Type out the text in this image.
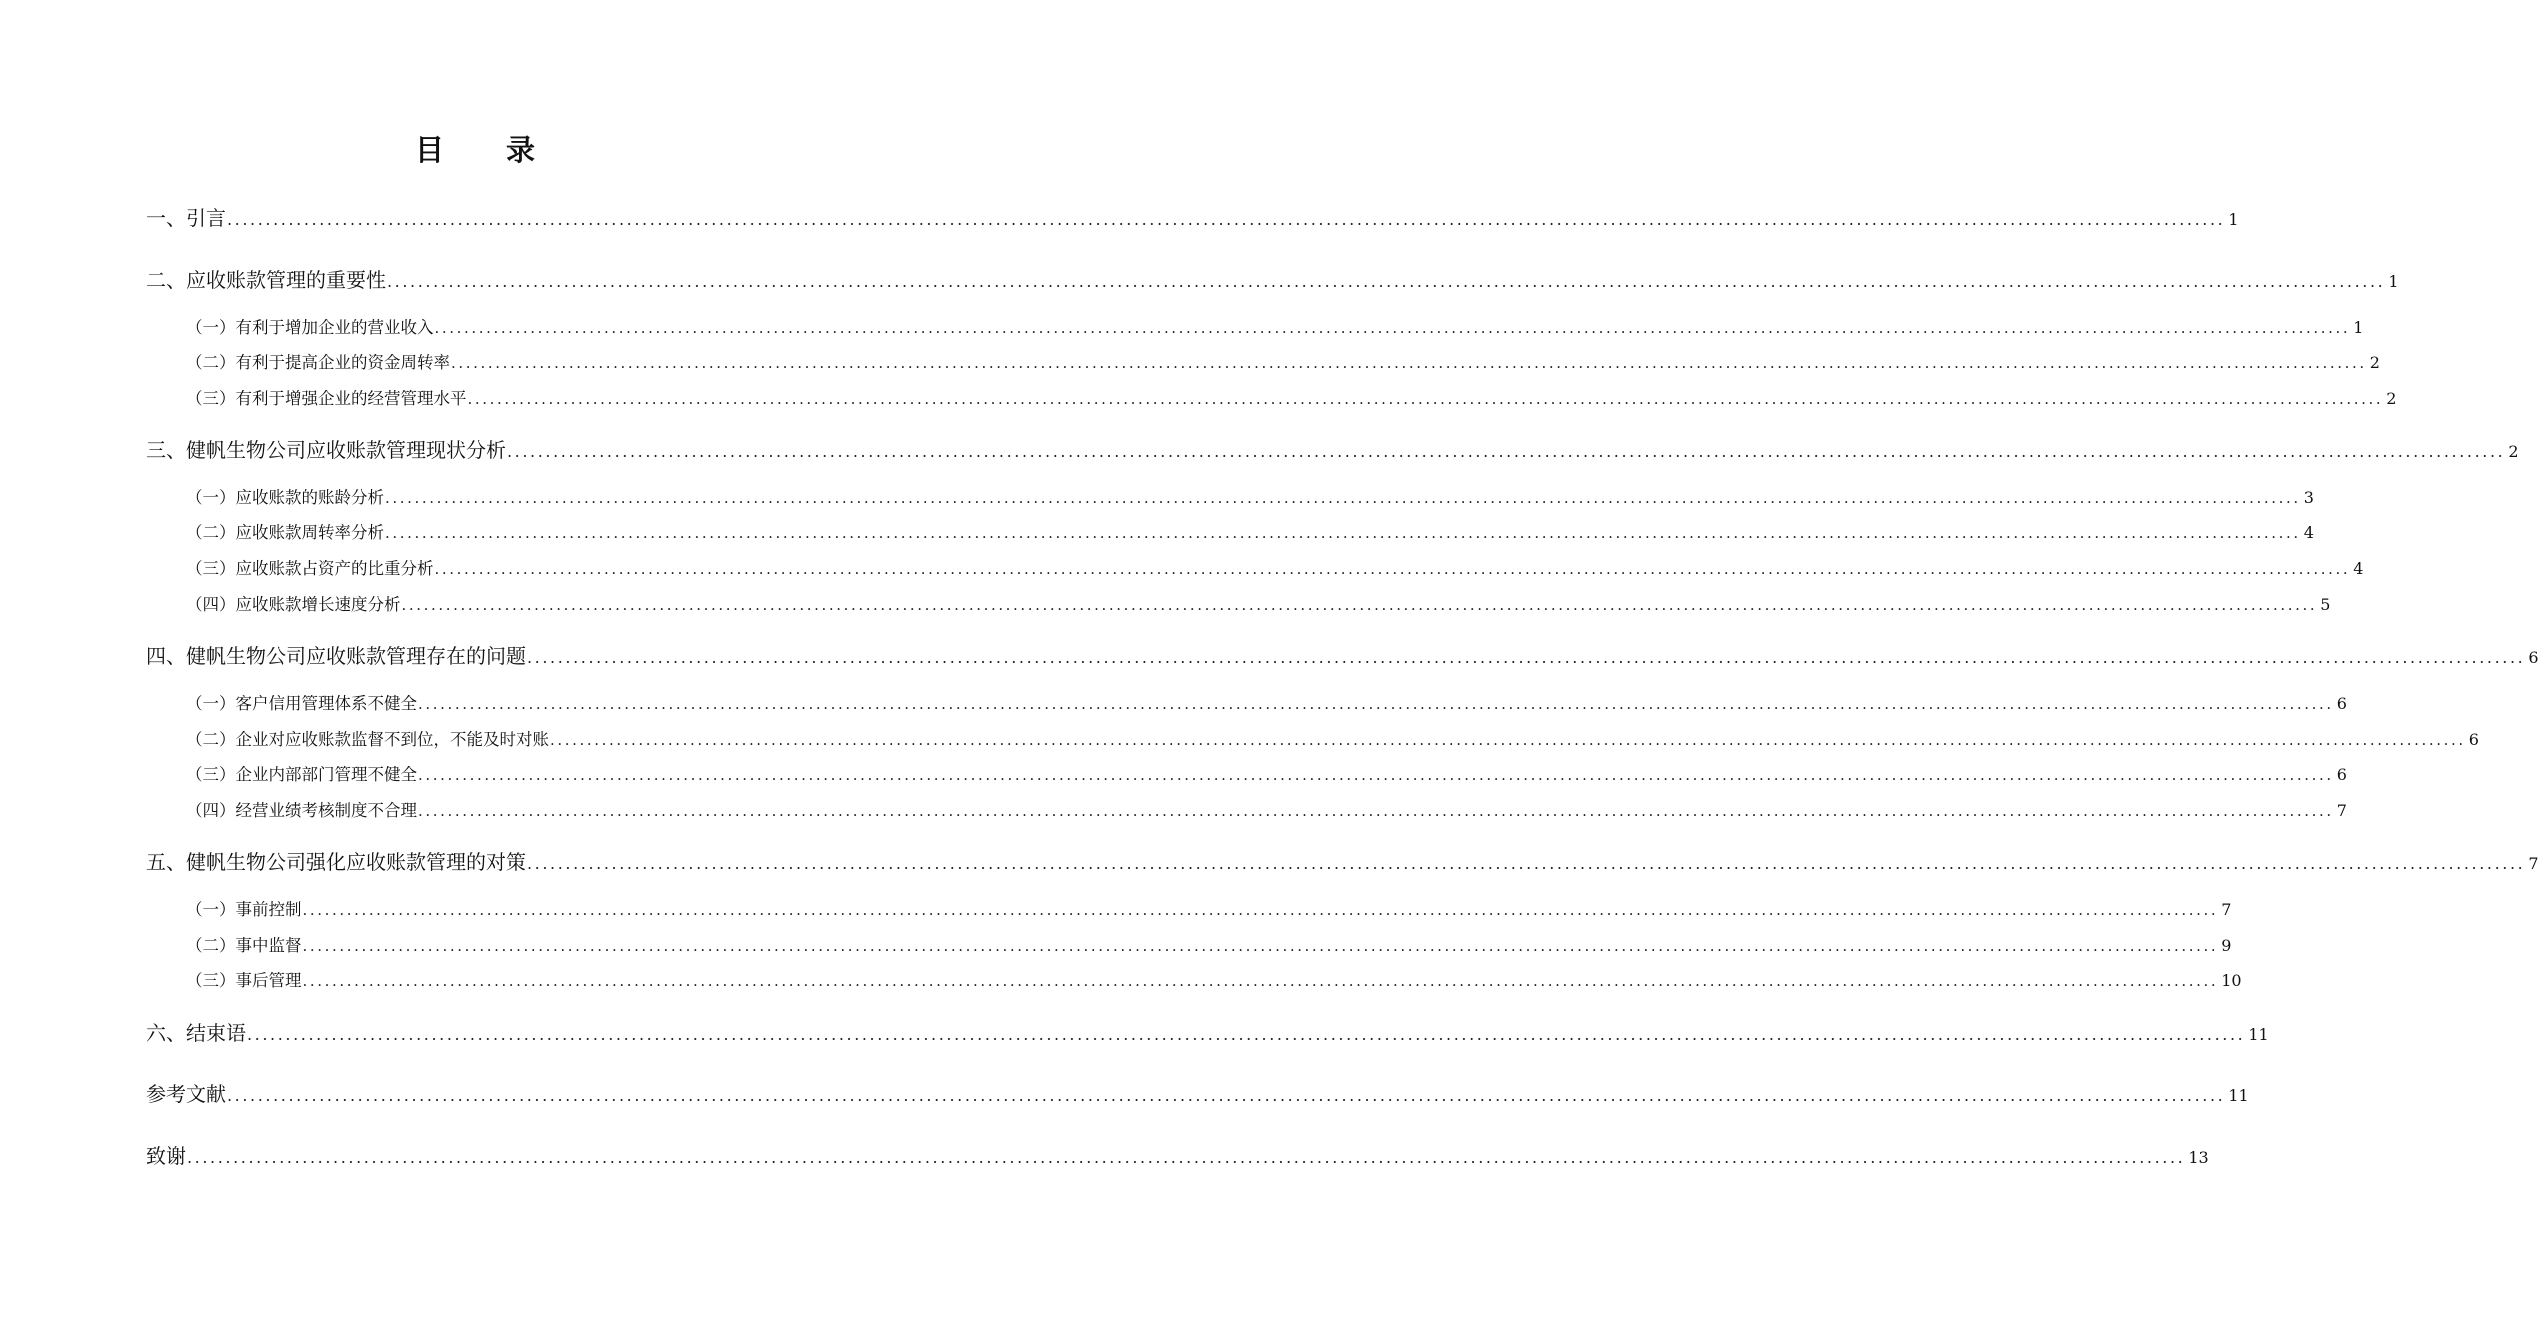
目 录
一、引言 .................................................................................................................................................................................................................................................................... 1
二、应收账款管理的重要性 .................................................................................................................................................................................................................................................................... 1
（一）有利于增加企业的营业收入 .................................................................................................................................................................................................................................................................... 1
（二）有利于提高企业的资金周转率 .................................................................................................................................................................................................................................................................... 2
（三）有利于增强企业的经营管理水平 .................................................................................................................................................................................................................................................................... 2
三、健帆生物公司应收账款管理现状分析 .................................................................................................................................................................................................................................................................... 2
（一）应收账款的账龄分析 .................................................................................................................................................................................................................................................................... 3
（二）应收账款周转率分析 .................................................................................................................................................................................................................................................................... 4
（三）应收账款占资产的比重分析 .................................................................................................................................................................................................................................................................... 4
（四）应收账款增长速度分析 .................................................................................................................................................................................................................................................................... 5
四、健帆生物公司应收账款管理存在的问题 .................................................................................................................................................................................................................................................................... 6
（一）客户信用管理体系不健全 .................................................................................................................................................................................................................................................................... 6
（二）企业对应收账款监督不到位，不能及时对账 .................................................................................................................................................................................................................................................................... 6
（三）企业内部部门管理不健全 .................................................................................................................................................................................................................................................................... 6
（四）经营业绩考核制度不合理 .................................................................................................................................................................................................................................................................... 7
五、健帆生物公司强化应收账款管理的对策 .................................................................................................................................................................................................................................................................... 7
（一）事前控制 .................................................................................................................................................................................................................................................................... 7
（二）事中监督 .................................................................................................................................................................................................................................................................... 9
（三）事后管理 .................................................................................................................................................................................................................................................................... 10
六、结束语 .................................................................................................................................................................................................................................................................... 11
参考文献 .................................................................................................................................................................................................................................................................... 11
致谢 .................................................................................................................................................................................................................................................................... 13
